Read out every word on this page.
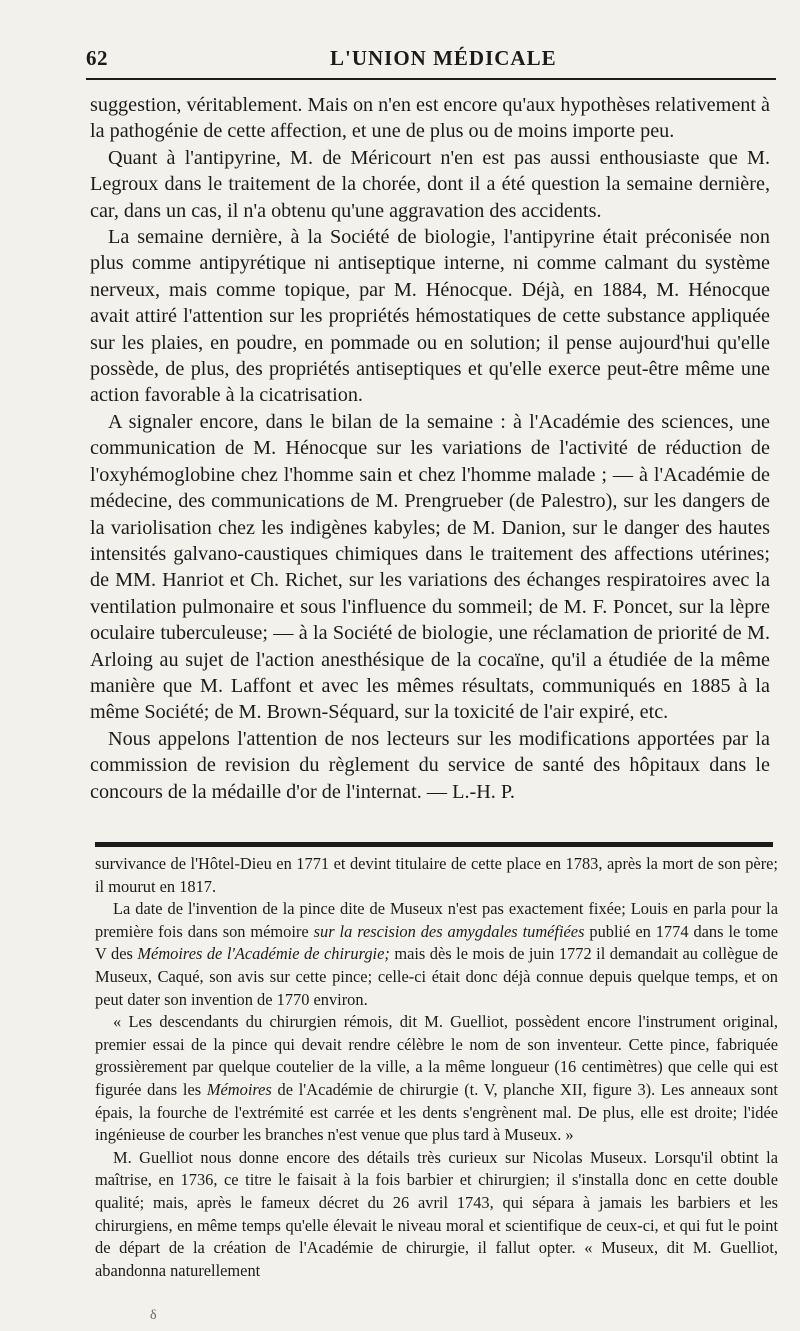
62	L'UNION MÉDICALE

suggestion, véritablement. Mais on n'en est encore qu'aux hypothèses relativement à la pathogénie de cette affection, et une de plus ou de moins importe peu.

Quant à l'antipyrine, M. de Méricourt n'en est pas aussi enthousiaste que M. Legroux dans le traitement de la chorée, dont il a été question la semaine dernière, car, dans un cas, il n'a obtenu qu'une aggravation des accidents.

La semaine dernière, à la Société de biologie, l'antipyrine était préconisée non plus comme antipyrétique ni antiseptique interne, ni comme calmant du système nerveux, mais comme topique, par M. Hénocque. Déjà, en 1884, M. Hénocque avait attiré l'attention sur les propriétés hémostatiques de cette substance appliquée sur les plaies, en poudre, en pommade ou en solution; il pense aujourd'hui qu'elle possède, de plus, des propriétés antiseptiques et qu'elle exerce peut-être même une action favorable à la cicatrisation.

A signaler encore, dans le bilan de la semaine : à l'Académie des sciences, une communication de M. Hénocque sur les variations de l'activité de réduction de l'oxyhémoglobine chez l'homme sain et chez l'homme malade ; — à l'Académie de médecine, des communications de M. Prengrueber (de Palestro), sur les dangers de la variolisation chez les indigènes kabyles; de M. Danion, sur le danger des hautes intensités galvano-caustiques chimiques dans le traitement des affections utérines; de MM. Hanriot et Ch. Richet, sur les variations des échanges respiratoires avec la ventilation pulmonaire et sous l'influence du sommeil; de M. F. Poncet, sur la lèpre oculaire tuberculeuse; — à la Société de biologie, une réclamation de priorité de M. Arloing au sujet de l'action anesthésique de la cocaïne, qu'il a étudiée de la même manière que M. Laffont et avec les mêmes résultats, communiqués en 1885 à la même Société; de M. Brown-Séquard, sur la toxicité de l'air expiré, etc.

Nous appelons l'attention de nos lecteurs sur les modifications apportées par la commission de revision du règlement du service de santé des hôpitaux dans le concours de la médaille d'or de l'internat. — L.-H. P.

survivance de l'Hôtel-Dieu en 1771 et devint titulaire de cette place en 1783, après la mort de son père; il mourut en 1817.

La date de l'invention de la pince dite de Museux n'est pas exactement fixée; Louis en parla pour la première fois dans son mémoire sur la rescision des amygdales tuméfiées publié en 1774 dans le tome V des Mémoires de l'Académie de chirurgie; mais dès le mois de juin 1772 il demandait au collègue de Museux, Caqué, son avis sur cette pince; celle-ci était donc déjà connue depuis quelque temps, et on peut dater son invention de 1770 environ.

« Les descendants du chirurgien rémois, dit M. Guelliot, possèdent encore l'instrument original, premier essai de la pince qui devait rendre célèbre le nom de son inventeur. Cette pince, fabriquée grossièrement par quelque coutelier de la ville, a la même longueur (16 centimètres) que celle qui est figurée dans les Mémoires de l'Académie de chirurgie (t. V, planche XII, figure 3). Les anneaux sont épais, la fourche de l'extrémité est carrée et les dents s'engrènent mal. De plus, elle est droite; l'idée ingénieuse de courber les branches n'est venue que plus tard à Museux. »

M. Guelliot nous donne encore des détails très curieux sur Nicolas Museux. Lorsqu'il obtint la maîtrise, en 1736, ce titre le faisait à la fois barbier et chirurgien; il s'installa donc en cette double qualité; mais, après le fameux décret du 26 avril 1743, qui sépara à jamais les barbiers et les chirurgiens, en même temps qu'elle élevait le niveau moral et scientifique de ceux-ci, et qui fut le point de départ de la création de l'Académie de chirurgie, il fallut opter. « Museux, dit M. Guelliot, abandonna naturellement

δ
